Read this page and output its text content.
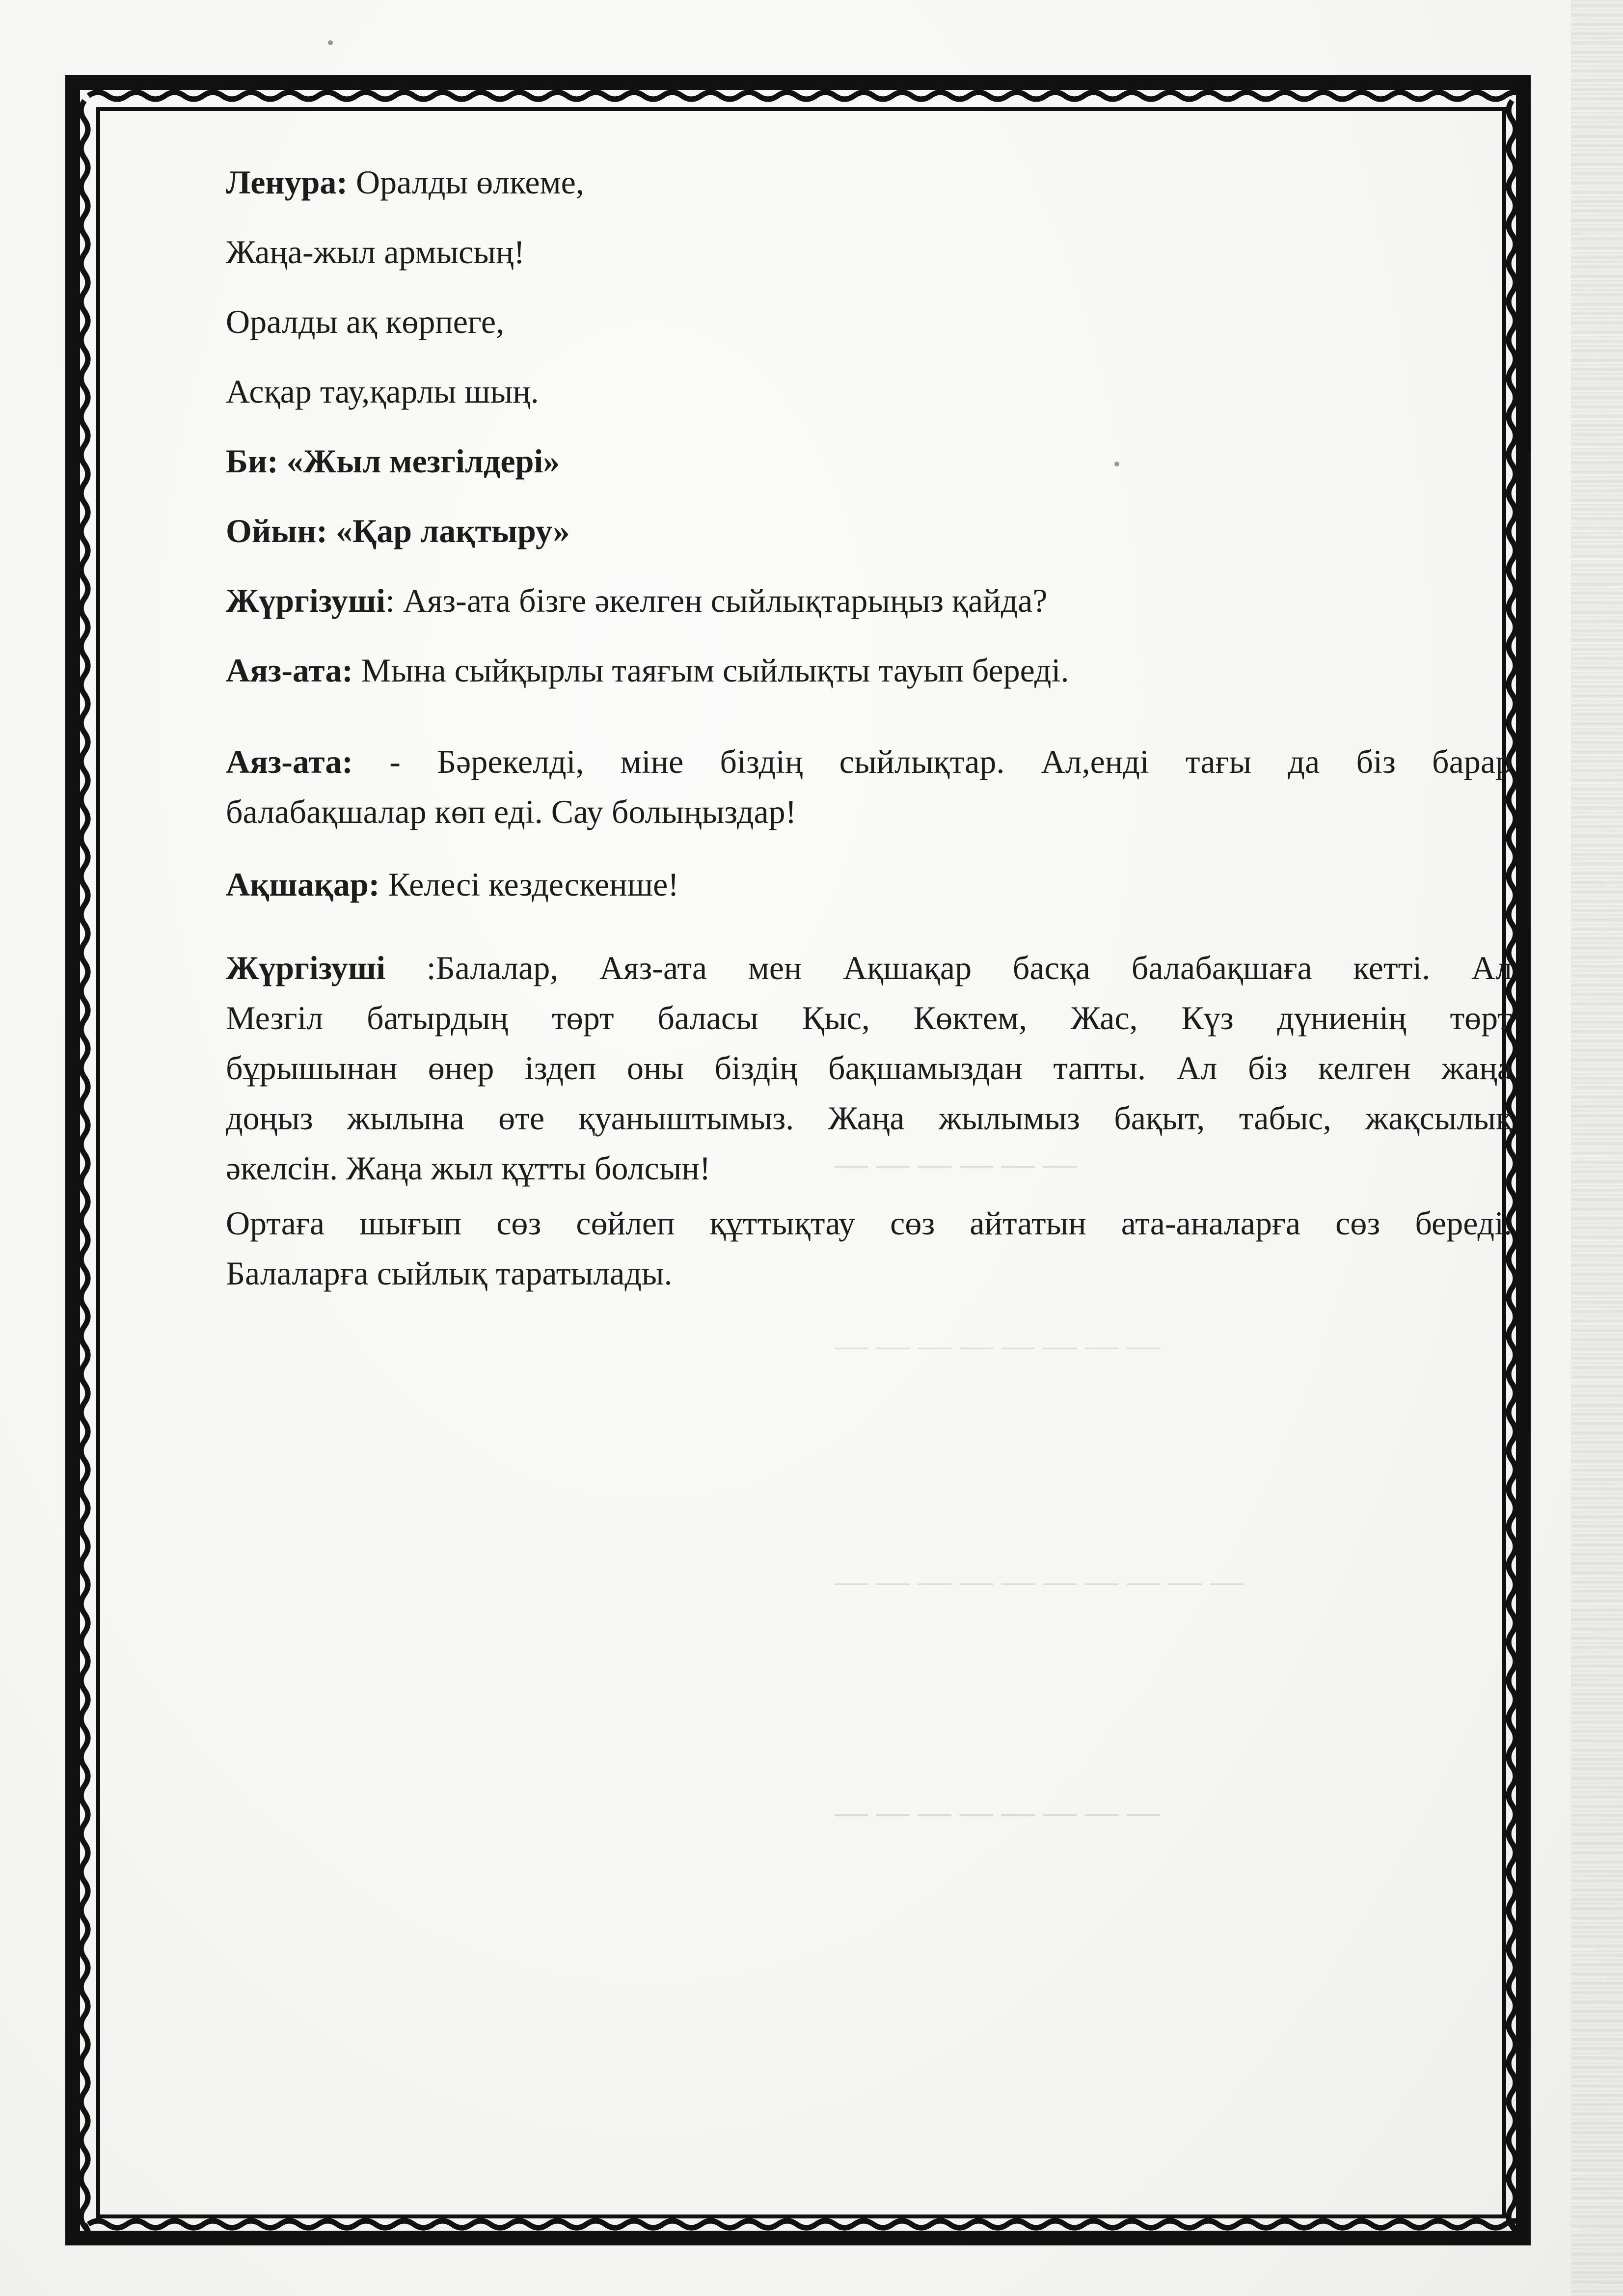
Ленура: Оралды өлкеме,
Жаңа-жыл армысың!
Оралды ақ көрпеге,
Асқар тау,қарлы шың.
Би: «Жыл мезгілдері»
Ойын: «Қар лақтыру»
Жүргізуші: Аяз-ата бізге әкелген сыйлықтарыңыз қайда?
Аяз-ата: Мына сыйқырлы таяғым сыйлықты тауып береді.
Аяз-ата: - Бәрекелді, міне біздің сыйлықтар. Ал,енді тағы да біз барар
балабақшалар көп еді. Сау болыңыздар!
Ақшақар: Келесі кездескенше!
Жүргізуші :Балалар, Аяз-ата мен Ақшақар басқа балабақшаға кетті. Ал
Мезгіл батырдың төрт баласы Қыс, Көктем, Жас, Күз дүниенің төрт
бұрышынан өнер іздеп оны біздің бақшамыздан тапты. Ал біз келген жаңа
доңыз жылына өте қуаныштымыз. Жаңа жылымыз бақыт, табыс, жақсылық
әкелсін. Жаңа жыл құтты болсын!
Ортаға шығып сөз сөйлеп құттықтау сөз айтатын ата-аналарға сөз береді.
Балаларға сыйлық таратылады.
— — — — — —
— — — — — — — —
— — — — — — — — — —
— — — — — — — —
